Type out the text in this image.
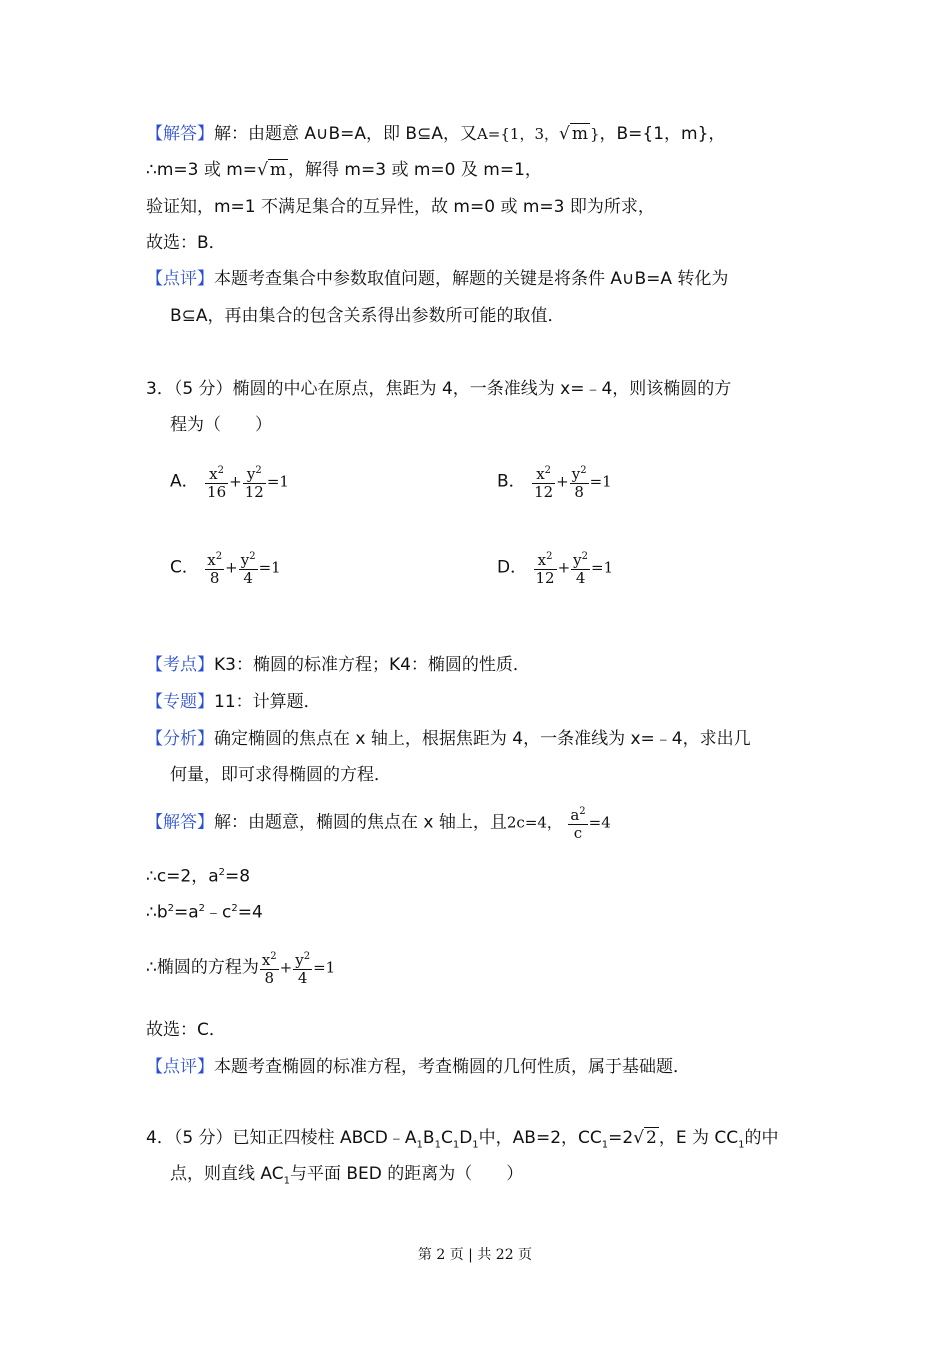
【解答】解：由题意 A∪B=A，即 B⊆A，又A={1，3，√ m }，B={1，m}，
∴m=3 或 m=√ m ，解得 m=3 或 m=0 及 m=1，
验证知，m=1 不满足集合的互异性，故 m=0 或 m=3 即为所求，
故选：B．
【点评】本题考查集合中参数取值问题，解题的关键是将条件 A∪B=A 转化为
B⊆A，再由集合的包含关系得出参数所可能的取值．
3．（5 分）椭圆的中心在原点，焦距为 4，一条准线为 x=﹣4，则该椭圆的方
程为（　　）
A． $\frac{x^2}{16} + \frac{y^2}{12} =1$	B． $\frac{x^2}{12} + \frac{y^2}{8} =1$
C． $\frac{x^2}{8} + \frac{y^2}{4} =1$	D． $\frac{x^2}{12} + \frac{y^2}{4} =1$
【考点】K3：椭圆的标准方程；K4：椭圆的性质．
【专题】11：计算题．
【分析】确定椭圆的焦点在 x 轴上，根据焦距为 4，一条准线为 x=﹣4，求出几
何量，即可求得椭圆的方程．
【解答】解：由题意，椭圆的焦点在 x 轴上，且2c=4， $\frac{a^2}{c} =4$
∴c=2，$a^2=8$
$\therefore b^2=a^2﹣c^2=4$
∴椭圆的方程为 $\frac{x^2}{8} + \frac{y^2}{4} =1$
故选：C．
【点评】本题考查椭圆的标准方程，考查椭圆的几何性质，属于基础题．
4．（5 分）已知正四棱柱 $ABCD﹣A_1B_1C_1D_1$中，AB=2，$CC_1=2√$ 2 ，E 为 $CC_1$的中
点，则直线 $AC_1$与平面 BED 的距离为（　　）
第 2 页 | 共 22 页
